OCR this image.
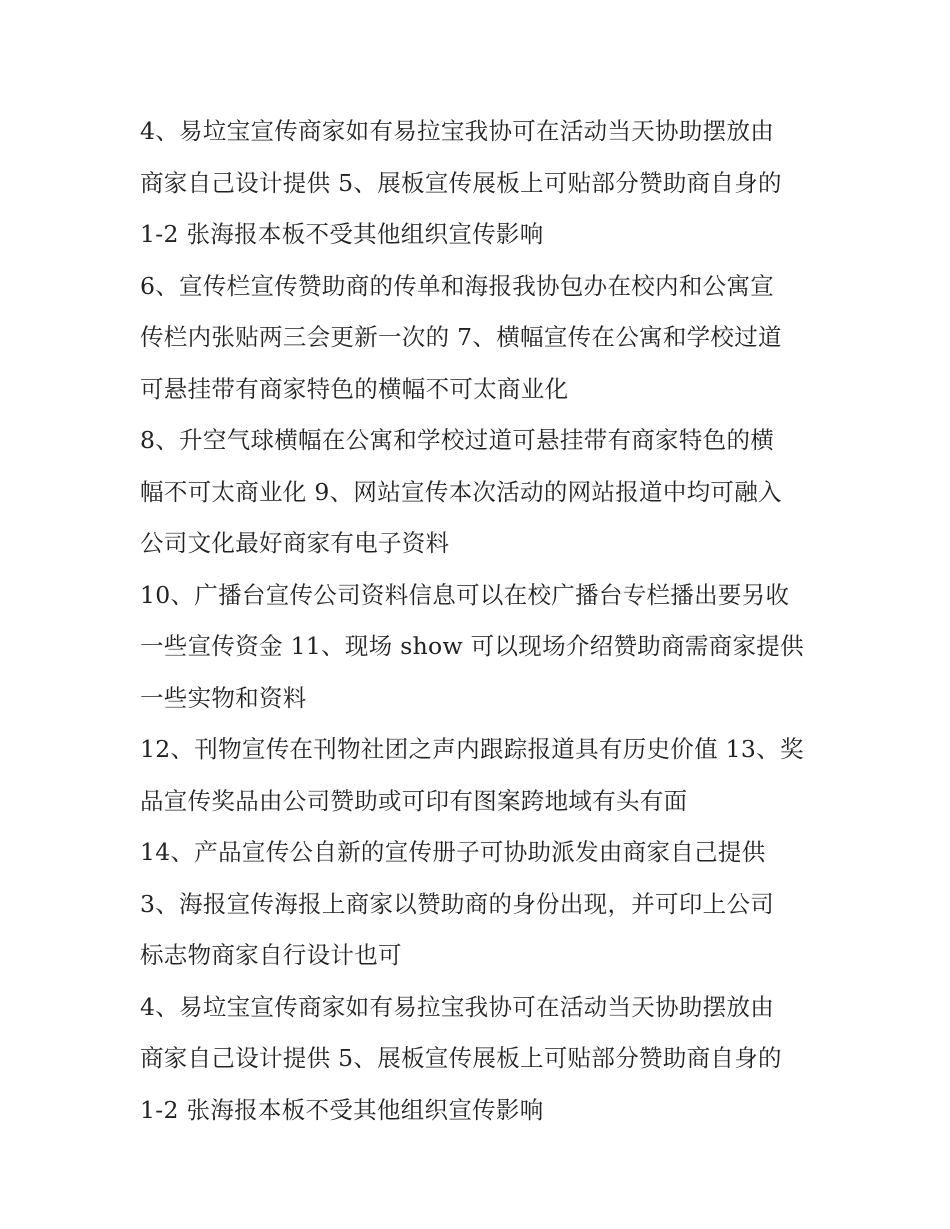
4、易垃宝宣传商家如有易拉宝我协可在活动当天协助摆放由
商家自己设计提供 5、展板宣传展板上可贴部分赞助商自身的
1-2 张海报本板不受其他组织宣传影响

6、宣传栏宣传赞助商的传单和海报我协包办在校内和公寓宣
传栏内张贴两三会更新一次的 7、横幅宣传在公寓和学校过道
可悬挂带有商家特色的横幅不可太商业化

8、升空气球横幅在公寓和学校过道可悬挂带有商家特色的横
幅不可太商业化 9、网站宣传本次活动的网站报道中均可融入
公司文化最好商家有电子资料

10、广播台宣传公司资料信息可以在校广播台专栏播出要另收
一些宣传资金 11、现场 show 可以现场介绍赞助商需商家提供
一些实物和资料

12、刊物宣传在刊物社团之声内跟踪报道具有历史价值 13、奖
品宣传奖品由公司赞助或可印有图案跨地域有头有面

14、产品宣传公自新的宣传册子可协助派发由商家自己提供

3、海报宣传海报上商家以赞助商的身份出现，并可印上公司
标志物商家自行设计也可

4、易垃宝宣传商家如有易拉宝我协可在活动当天协助摆放由
商家自己设计提供 5、展板宣传展板上可贴部分赞助商自身的
1-2 张海报本板不受其他组织宣传影响
